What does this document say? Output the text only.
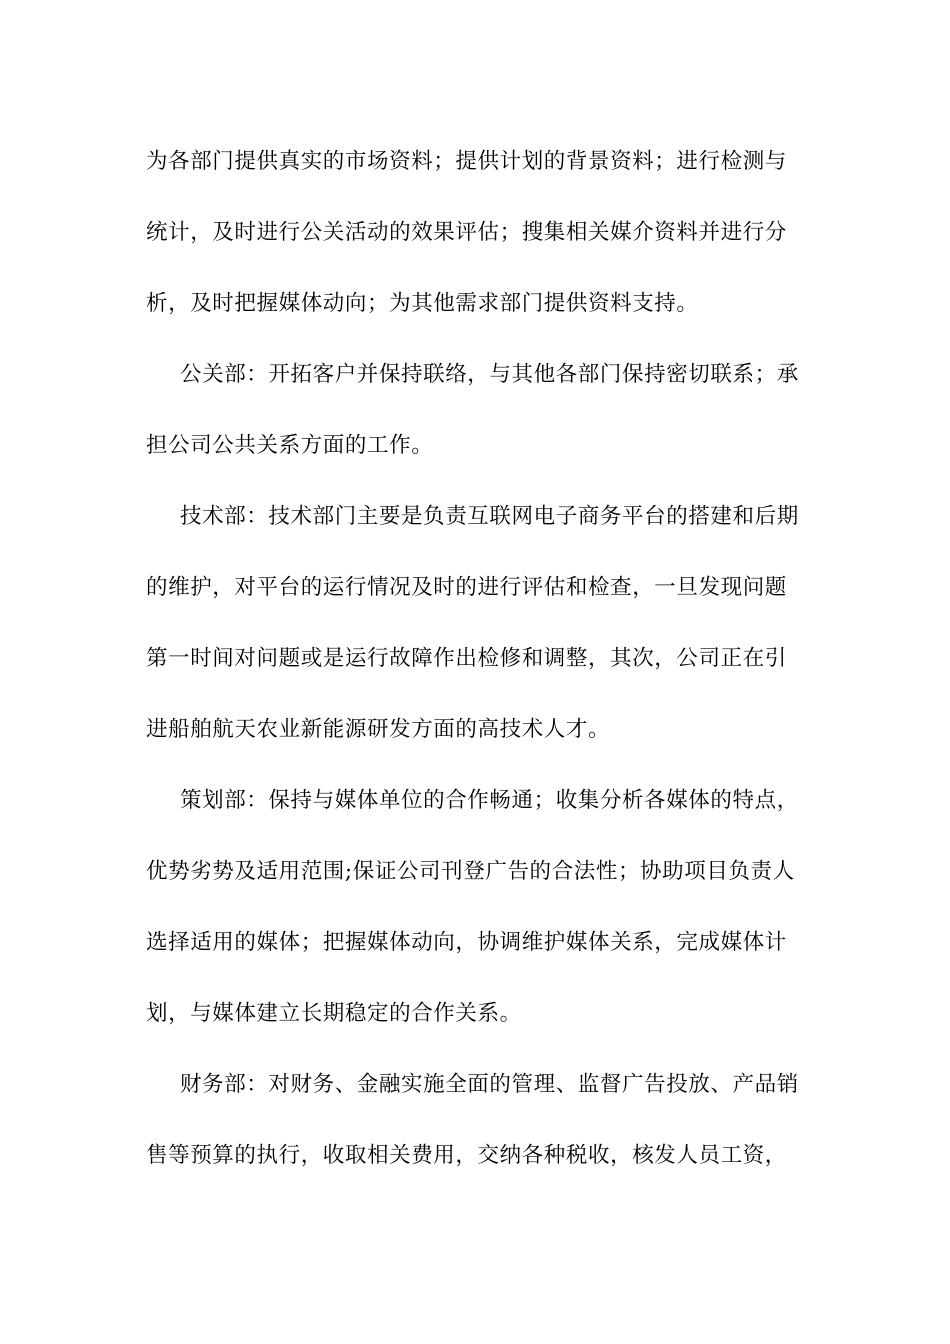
为各部门提供真实的市场资料；提供计划的背景资料；进行检测与
统计，及时进行公关活动的效果评估；搜集相关媒介资料并进行分
析，及时把握媒体动向；为其他需求部门提供资料支持。

公关部：开拓客户并保持联络，与其他各部门保持密切联系；承
担公司公共关系方面的工作。

技术部：技术部门主要是负责互联网电子商务平台的搭建和后期
的维护，对平台的运行情况及时的进行评估和检查，一旦发现问题
第一时间对问题或是运行故障作出检修和调整，其次，公司正在引
进船舶航天农业新能源研发方面的高技术人才。

策划部：保持与媒体单位的合作畅通；收集分析各媒体的特点，
优势劣势及适用范围;保证公司刊登广告的合法性；协助项目负责人
选择适用的媒体；把握媒体动向，协调维护媒体关系，完成媒体计
划，与媒体建立长期稳定的合作关系。

财务部：对财务、金融实施全面的管理、监督广告投放、产品销
售等预算的执行，收取相关费用，交纳各种税收，核发人员工资，
